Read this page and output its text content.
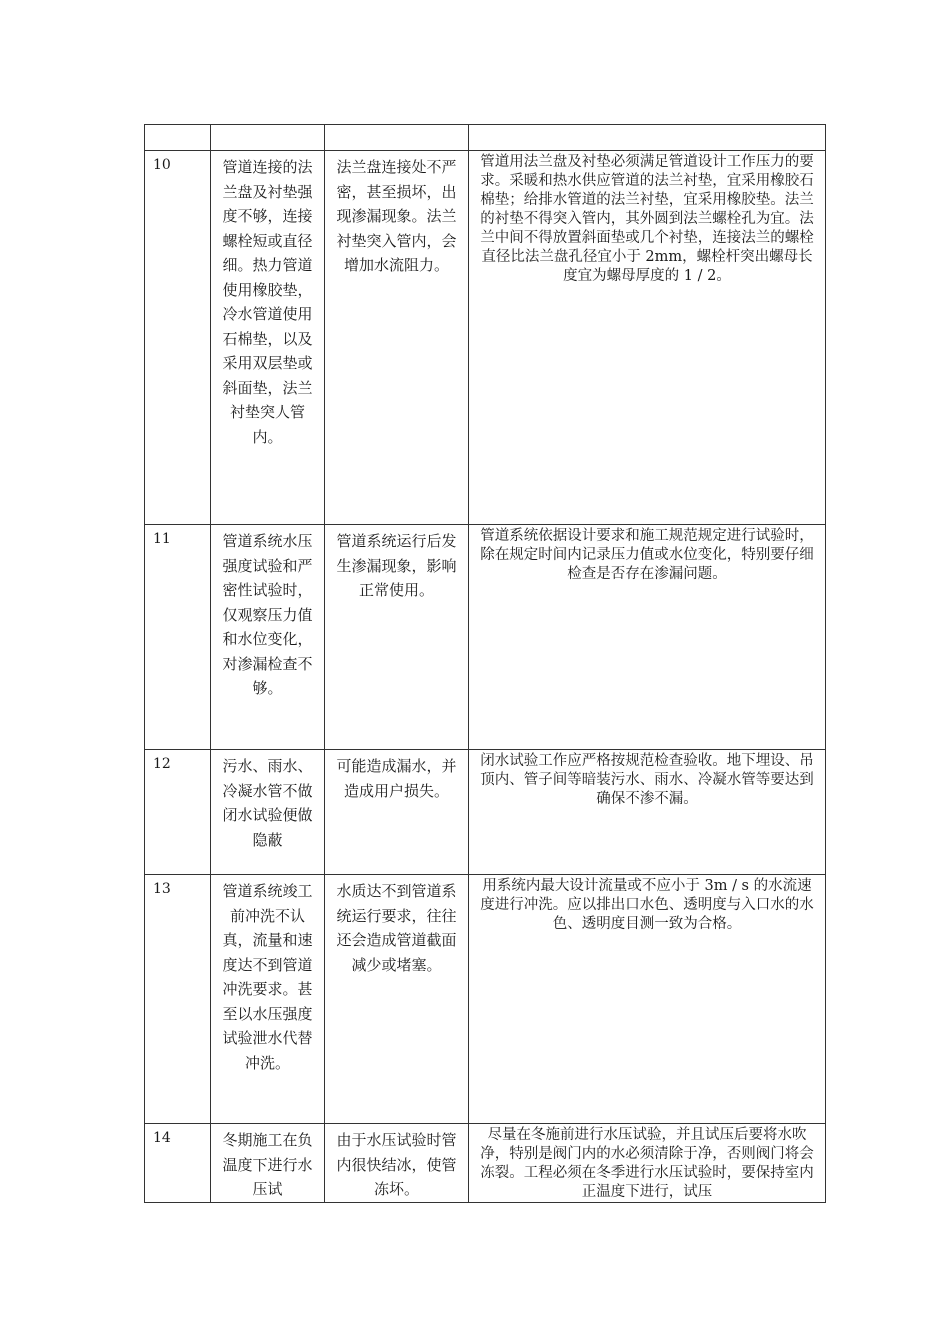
10	管道连接的法兰盘及衬垫强度不够，连接螺栓短或直径细。热力管道使用橡胶垫，冷水管道使用石棉垫，以及采用双层垫或斜面垫，法兰衬垫突人管内。	法兰盘连接处不严密，甚至损坏，出现渗漏现象。法兰衬垫突入管内，会增加水流阻力。	管道用法兰盘及衬垫必须满足管道设计工作压力的要求。采暖和热水供应管道的法兰衬垫，宜采用橡胶石棉垫；给排水管道的法兰衬垫，宜采用橡胶垫。法兰的衬垫不得突入管内，其外圆到法兰螺栓孔为宜。法兰中间不得放置斜面垫或几个衬垫，连接法兰的螺栓直径比法兰盘孔径宜小于 2mm，螺栓杆突出螺母长度宜为螺母厚度的 1 / 2。

11	管道系统水压强度试验和严密性试验时，仅观察压力值和水位变化，对渗漏检查不够。	管道系统运行后发生渗漏现象，影响正常使用。	管道系统依据设计要求和施工规范规定进行试验时，除在规定时间内记录压力值或水位变化，特别要仔细检查是否存在渗漏问题。

12	污水、雨水、冷凝水管不做闭水试验便做隐蔽	可能造成漏水，并造成用户损失。	闭水试验工作应严格按规范检查验收。地下埋设、吊顶内、管子间等暗装污水、雨水、冷凝水管等要达到确保不渗不漏。

13	管道系统竣工前冲洗不认真，流量和速度达不到管道冲洗要求。甚至以水压强度试验泄水代替冲洗。	水质达不到管道系统运行要求，往往还会造成管道截面减少或堵塞。	用系统内最大设计流量或不应小于 3m / s 的水流速度进行冲洗。应以排出口水色、透明度与入口水的水色、透明度目测一致为合格。

14	冬期施工在负温度下进行水压试	由于水压试验时管内很快结冰，使管冻坏。	尽量在冬施前进行水压试验，并且试压后要将水吹净，特别是阀门内的水必须清除于净，否则阀门将会冻裂。工程必须在冬季进行水压试验时，要保持室内正温度下进行，试压
